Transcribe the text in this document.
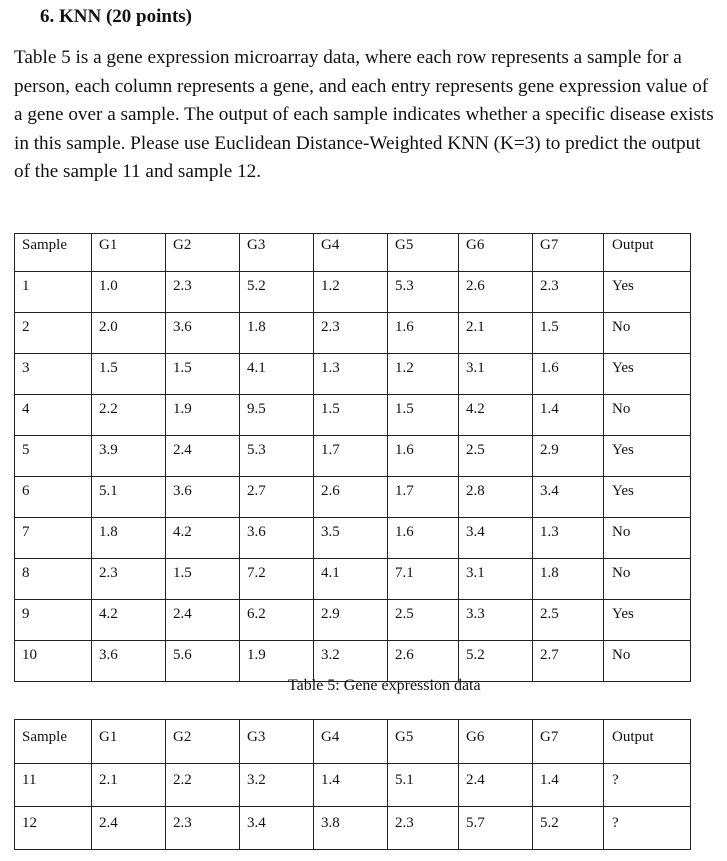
6. KNN (20 points)
Table 5 is a gene expression microarray data, where each row represents a sample for a person, each column represents a gene, and each entry represents gene expression value of a gene over a sample. The output of each sample indicates whether a specific disease exists in this sample. Please use Euclidean Distance-Weighted KNN (K=3) to predict the output of the sample 11 and sample 12.
Sample	G1	G2	G3	G4	G5	G6	G7	Output
1	1.0	2.3	5.2	1.2	5.3	2.6	2.3	Yes
2	2.0	3.6	1.8	2.3	1.6	2.1	1.5	No
3	1.5	1.5	4.1	1.3	1.2	3.1	1.6	Yes
4	2.2	1.9	9.5	1.5	1.5	4.2	1.4	No
5	3.9	2.4	5.3	1.7	1.6	2.5	2.9	Yes
6	5.1	3.6	2.7	2.6	1.7	2.8	3.4	Yes
7	1.8	4.2	3.6	3.5	1.6	3.4	1.3	No
8	2.3	1.5	7.2	4.1	7.1	3.1	1.8	No
9	4.2	2.4	6.2	2.9	2.5	3.3	2.5	Yes
10	3.6	5.6	1.9	3.2	2.6	5.2	2.7	No
Table 5: Gene expression data
Sample	G1	G2	G3	G4	G5	G6	G7	Output
11	2.1	2.2	3.2	1.4	5.1	2.4	1.4	?
12	2.4	2.3	3.4	3.8	2.3	5.7	5.2	?
